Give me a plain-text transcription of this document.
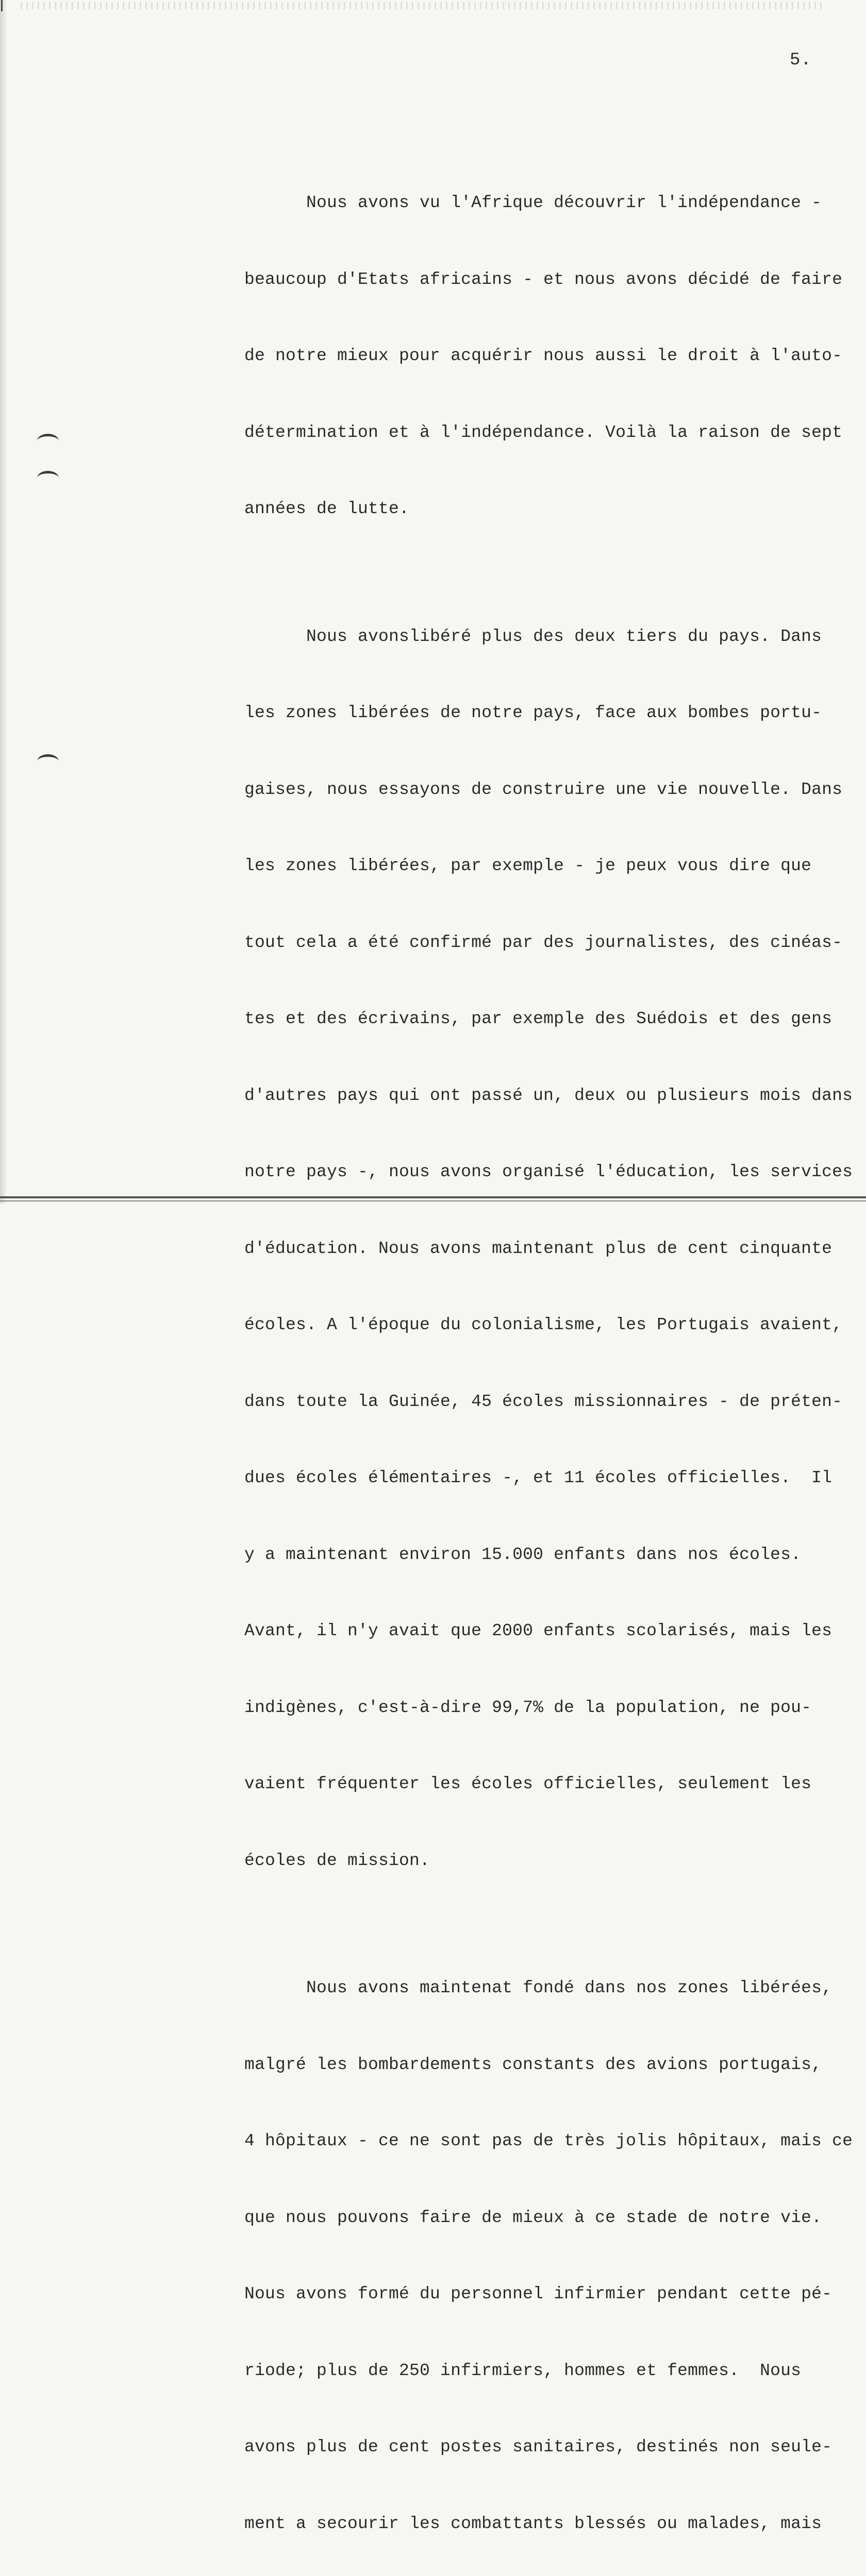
5.

Nous avons vu l'Afrique découvrir l'indépendance -

beaucoup d'Etats africains - et nous avons décidé de faire

de notre mieux pour acquérir nous aussi le droit à l'auto-

détermination et à l'indépendance. Voilà la raison de sept

années de lutte.

Nous avonslibéré plus des deux tiers du pays. Dans

les zones libérées de notre pays, face aux bombes portu-

gaises, nous essayons de construire une vie nouvelle. Dans

les zones libérées, par exemple - je peux vous dire que

tout cela a été confirmé par des journalistes, des cinéas-

tes et des écrivains, par exemple des Suédois et des gens

d'autres pays qui ont passé un, deux ou plusieurs mois dans

notre pays -, nous avons organisé l'éducation, les services

d'éducation. Nous avons maintenant plus de cent cinquante

écoles. A l'époque du colonialisme, les Portugais avaient,

dans toute la Guinée, 45 écoles missionnaires - de préten-

dues écoles élémentaires -, et 11 écoles officielles.  Il

y a maintenant environ 15.000 enfants dans nos écoles.

Avant, il n'y avait que 2000 enfants scolarisés, mais les

indigènes, c'est-à-dire 99,7% de la population, ne pou-

vaient fréquenter les écoles officielles, seulement les

écoles de mission.

Nous avons maintenat fondé dans nos zones libérées,

malgré les bombardements constants des avions portugais,

4 hôpitaux - ce ne sont pas de très jolis hôpitaux, mais ce

que nous pouvons faire de mieux à ce stade de notre vie.

Nous avons formé du personnel infirmier pendant cette pé-

riode; plus de 250 infirmiers, hommes et femmes.  Nous

avons plus de cent postes sanitaires, destinés non seule-

ment a secourir les combattants blessés ou malades, mais
